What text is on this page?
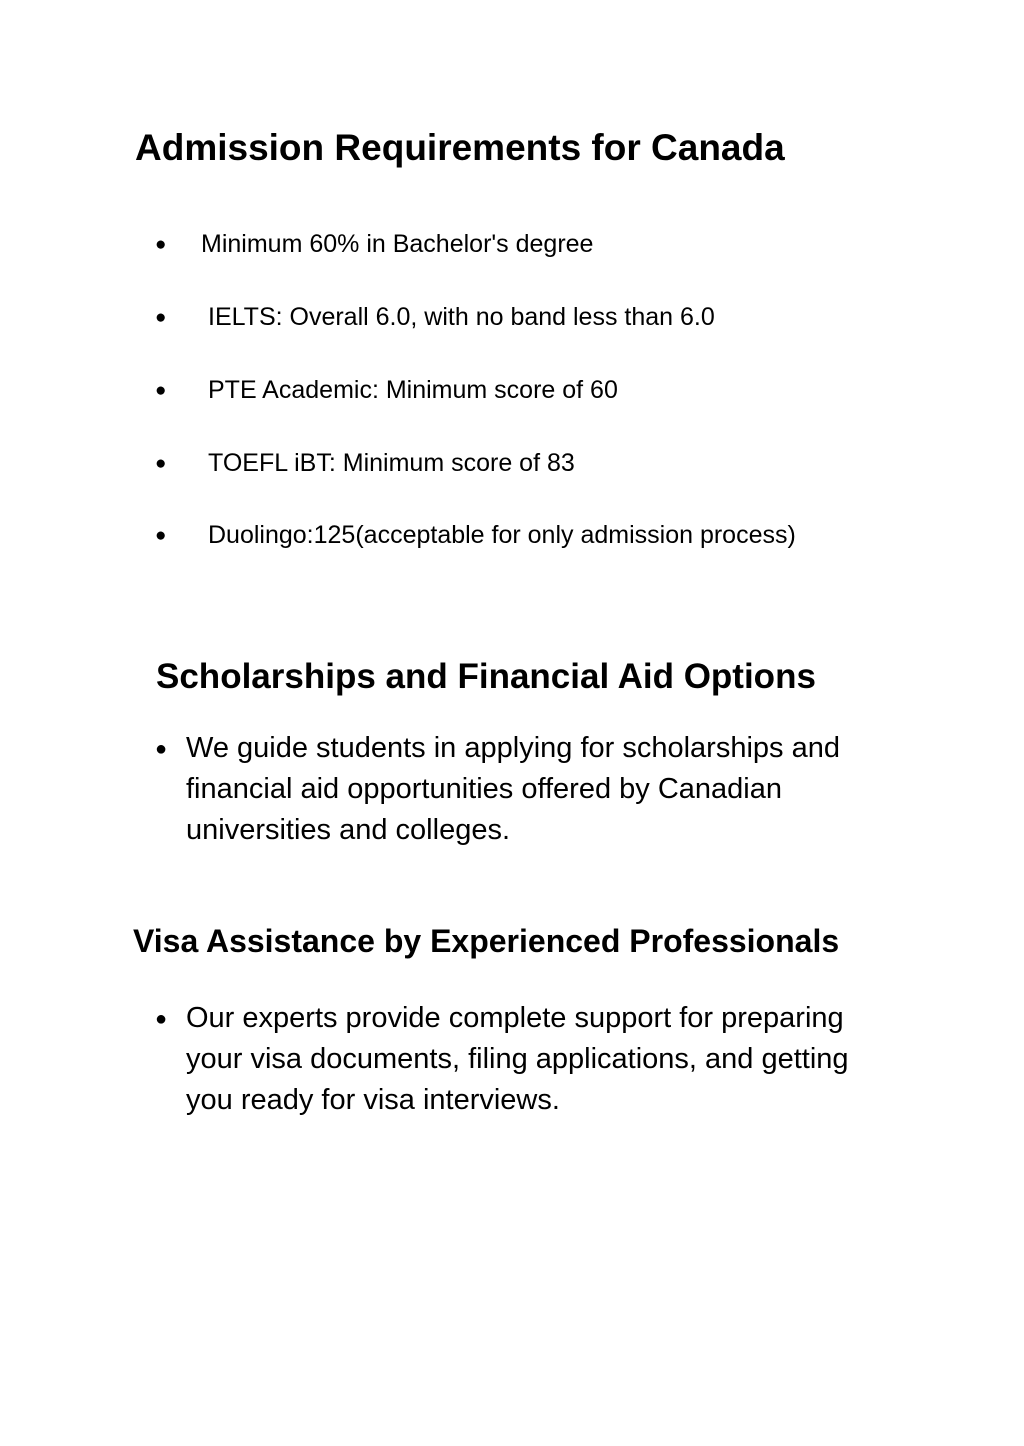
Admission Requirements for Canada
● Minimum 60% in Bachelor's degree
● IELTS: Overall 6.0, with no band less than 6.0
● PTE Academic: Minimum score of 60
● TOEFL iBT: Minimum score of 83
● Duolingo:125(acceptable for only admission process)
Scholarships and Financial Aid Options
● We guide students in applying for scholarships and
financial aid opportunities offered by Canadian
universities and colleges.
Visa Assistance by Experienced Professionals
● Our experts provide complete support for preparing
your visa documents, filing applications, and getting
you ready for visa interviews.
